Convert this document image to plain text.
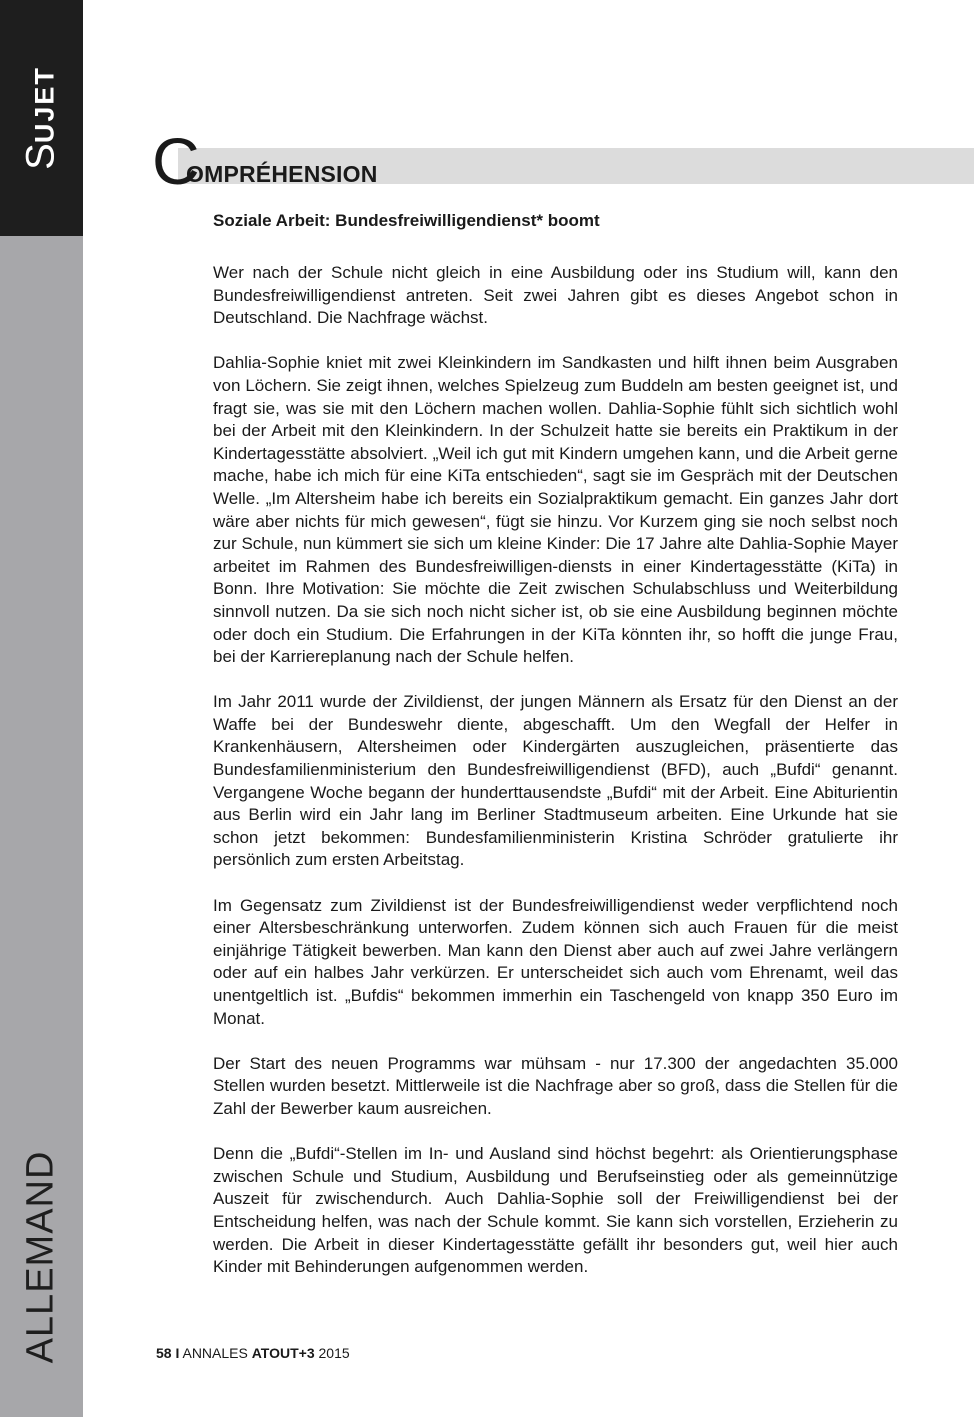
SUJET
ALLEMAND
C
OMPRÉHENSION
Soziale Arbeit: Bundesfreiwilligendienst* boomt

Wer nach der Schule nicht gleich in eine Ausbildung oder ins Studium will, kann den Bundesfreiwilligendienst antreten. Seit zwei Jahren gibt es dieses Angebot schon in Deutschland. Die Nachfrage wächst.

Dahlia-Sophie kniet mit zwei Kleinkindern im Sandkasten und hilft ihnen beim Ausgraben von Löchern. Sie zeigt ihnen, welches Spielzeug zum Buddeln am besten geeignet ist, und fragt sie, was sie mit den Löchern machen wollen. Dahlia-Sophie fühlt sich sichtlich wohl bei der Arbeit mit den Kleinkindern. In der Schulzeit hatte sie bereits ein Praktikum in der Kindertagesstätte absolviert. „Weil ich gut mit Kindern umgehen kann, und die Arbeit gerne mache, habe ich mich für eine KiTa entschieden“, sagt sie im Gespräch mit der Deutschen Welle. „Im Altersheim habe ich bereits ein Sozialpraktikum gemacht. Ein ganzes Jahr dort wäre aber nichts für mich gewesen“, fügt sie hinzu. Vor Kurzem ging sie noch selbst noch zur Schule, nun kümmert sie sich um kleine Kinder: Die 17 Jahre alte Dahlia-Sophie Mayer arbeitet im Rahmen des Bundesfreiwilligen-diensts in einer Kindertagesstätte (KiTa) in Bonn. Ihre Motivation: Sie möchte die Zeit zwischen Schulabschluss und Weiterbildung sinnvoll nutzen. Da sie sich noch nicht sicher ist, ob sie eine Ausbildung beginnen möchte oder doch ein Studium. Die Erfahrungen in der KiTa könnten ihr, so hofft die junge Frau, bei der Karriereplanung nach der Schule helfen.

Im Jahr 2011 wurde der Zivildienst, der jungen Männern als Ersatz für den Dienst an der Waffe bei der Bundeswehr diente, abgeschafft. Um den Wegfall der Helfer in Krankenhäusern, Altersheimen oder Kindergärten auszugleichen, präsentierte das Bundesfamilienministerium den Bundesfreiwilligendienst (BFD), auch „Bufdi“ genannt. Vergangene Woche begann der hunderttausendste „Bufdi“ mit der Arbeit. Eine Abiturientin aus Berlin wird ein Jahr lang im Berliner Stadtmuseum arbeiten. Eine Urkunde hat sie schon jetzt bekommen: Bundesfamilienministerin Kristina Schröder gratulierte ihr persönlich zum ersten Arbeitstag.

Im Gegensatz zum Zivildienst ist der Bundesfreiwilligendienst weder verpflichtend noch einer Altersbeschränkung unterworfen. Zudem können sich auch Frauen für die meist einjährige Tätigkeit bewerben. Man kann den Dienst aber auch auf zwei Jahre verlängern oder auf ein halbes Jahr verkürzen. Er unterscheidet sich auch vom Ehrenamt, weil das unentgeltlich ist. „Bufdis“ bekommen immerhin ein Taschengeld von knapp 350 Euro im Monat.

Der Start des neuen Programms war mühsam - nur 17.300 der angedachten 35.000 Stellen wurden besetzt. Mittlerweile ist die Nachfrage aber so groß, dass die Stellen für die Zahl der Bewerber kaum ausreichen.

Denn die „Bufdi“-Stellen im In- und Ausland sind höchst begehrt: als Orientierungsphase zwischen Schule und Studium, Ausbildung und Berufseinstieg oder als gemeinnützige Auszeit für zwischendurch. Auch Dahlia-Sophie soll der Freiwilligendienst bei der Entscheidung helfen, was nach der Schule kommt. Sie kann sich vorstellen, Erzieherin zu werden. Die Arbeit in dieser Kindertagesstätte gefällt ihr besonders gut, weil hier auch Kinder mit Behinderungen aufgenommen werden.

58 I ANNALES ATOUT+3 2015
